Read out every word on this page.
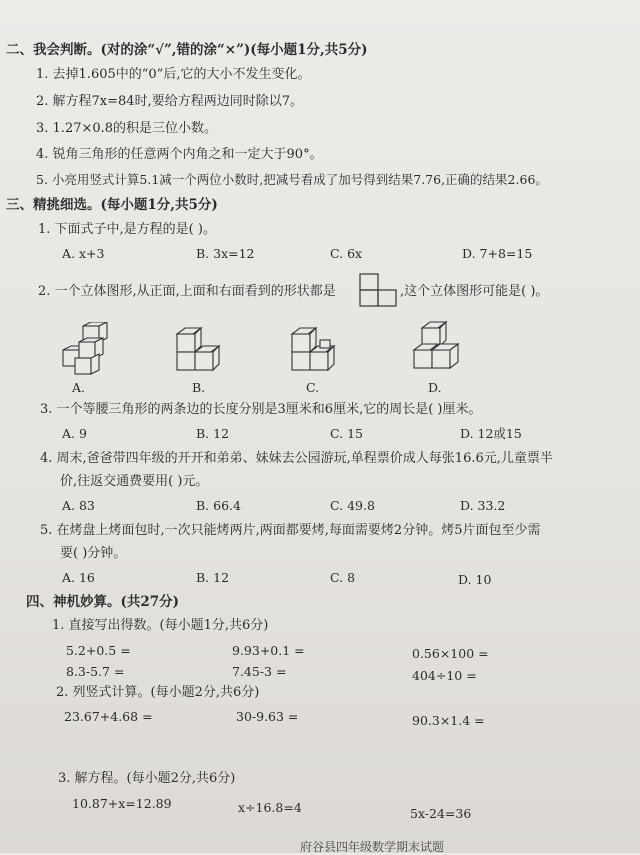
二、我会判断。(对的涂“√”,错的涂“×”)(每小题1分,共5分)
1. 去掉1.605中的“0”后,它的大小不发生变化。
2. 解方程7x=84时,要给方程两边同时除以7。
3. 1.27×0.8的积是三位小数。
4. 锐角三角形的任意两个内角之和一定大于90°。
5. 小亮用竖式计算5.1减一个两位小数时,把减号看成了加号得到结果7.76,正确的结果2.66。
三、精挑细选。(每小题1分,共5分)
1. 下面式子中,是方程的是( )。
A. x+3	B. 3x=12	C. 6x	D. 7+8=15
2. 一个立体图形,从正面,上面和右面看到的形状都是	,这个立体图形可能是( )。
A.	B.	C.	D.
3. 一个等腰三角形的两条边的长度分别是3厘米和6厘米,它的周长是( )厘米。
A. 9	B. 12	C. 15	D. 12或15
4. 周末,爸爸带四年级的开开和弟弟、妹妹去公园游玩,单程票价成人每张16.6元,儿童票半
价,往返交通费要用( )元。
A. 83	B. 66.4	C. 49.8	D. 33.2
5. 在烤盘上烤面包时,一次只能烤两片,两面都要烤,每面需要烤2分钟。烤5片面包至少需
要( )分钟。
A. 16	B. 12	C. 8	D. 10
四、神机妙算。(共27分)
1. 直接写出得数。(每小题1分,共6分)
5.2+0.5 =	9.93+0.1 =	0.56×100 =
8.3-5.7 =	7.45-3 =	404÷10 =
2. 列竖式计算。(每小题2分,共6分)
23.67+4.68 =	30-9.63 =	90.3×1.4 =
3. 解方程。(每小题2分,共6分)
10.87+x=12.89	x÷16.8=4	5x-24=36
府谷县四年级数学期末试题
